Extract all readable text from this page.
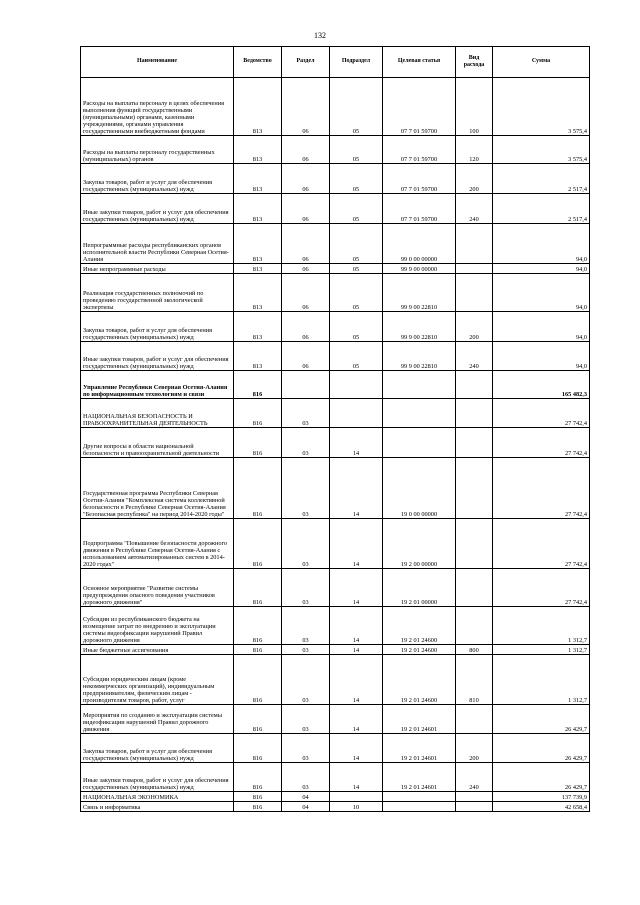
132
Наименование	Ведомство	Раздел	Подраздел	Целевая статья	Вид расхода	Сумма
Расходы на выплаты персоналу в целях обеспечения выполнения функций государственными (муниципальными) органами, казенными учреждениями, органами управления государственными внебюджетными фондами	813	06	05	07 7 01 59700	100	3 575,4
Расходы на выплаты персоналу государственных (муниципальных) органов	813	06	05	07 7 01 59700	120	3 575,4
Закупка товаров, работ и услуг для обеспечения государственных (муниципальных) нужд	813	06	05	07 7 01 59700	200	2 517,4
Иные закупки товаров, работ и услуг для обеспечения государственных (муниципальных) нужд	813	06	05	07 7 01 59700	240	2 517,4
Непрограммные расходы республиканских органов исполнительной власти Республики Северная Осетия-Алания	813	06	05	99 0 00 00000		94,0
Иные непрограммные расходы	813	06	05	99 9 00 00000		94,0
Реализация государственных полномочий по проведению государственной экологической экспертизы	813	06	05	99 9 00 22810		94,0
Закупка товаров, работ и услуг для обеспечения государственных (муниципальных) нужд	813	06	05	99 9 00 22810	200	94,0
Иные закупки товаров, работ и услуг для обеспечения государственных (муниципальных) нужд	813	06	05	99 9 00 22810	240	94,0
Управление Республики Северная Осетия-Алания по информационным технологиям и связи	816					165 482,3
НАЦИОНАЛЬНАЯ БЕЗОПАСНОСТЬ И ПРАВООХРАНИТЕЛЬНАЯ ДЕЯТЕЛЬНОСТЬ	816	03				27 742,4
Другие вопросы в области национальной безопасности и правоохранительной деятельности	816	03	14			27 742,4
Государственная программа Республики Северная Осетия-Алания "Комплексная система коллективной безопасности в Республике Северная Осетия-Алания "Безопасная республика" на период 2014-2020 годы"	816	03	14	19 0 00 00000		27 742,4
Подпрограмма "Повышение безопасности дорожного движения в Республике Северная Осетия-Алания с использованием автоматизированных систем в 2014-2020 годах"	816	03	14	19 2 00 00000		27 742,4
Основное мероприятие "Развитие системы предупреждения опасного поведения участников дорожного движения"	816	03	14	19 2 01 00000		27 742,4
Субсидии из республиканского бюджета на возмещение затрат по внедрению и эксплуатации системы видеофиксации нарушений Правил дорожного движения	816	03	14	19 2 01 24600		1 312,7
Иные бюджетные ассигнования	816	03	14	19 2 01 24600	800	1 312,7
Субсидии юридическим лицам (кроме некоммерческих организаций), индивидуальным предпринимателям, физическим лицам - производителям товаров, работ, услуг	816	03	14	19 2 01 24600	810	1 312,7
Мероприятия по созданию и эксплуатации системы видеофиксации нарушений Правил дорожного движения	816	03	14	19 2 01 24601		26 429,7
Закупка товаров, работ и услуг для обеспечения государственных (муниципальных) нужд	816	03	14	19 2 01 24601	200	26 429,7
Иные закупки товаров, работ и услуг для обеспечения государственных (муниципальных) нужд	816	03	14	19 2 01 24601	240	26 429,7
НАЦИОНАЛЬНАЯ ЭКОНОМИКА	816	04				137 739,9
Связь и информатика	816	04	10			42 658,4
